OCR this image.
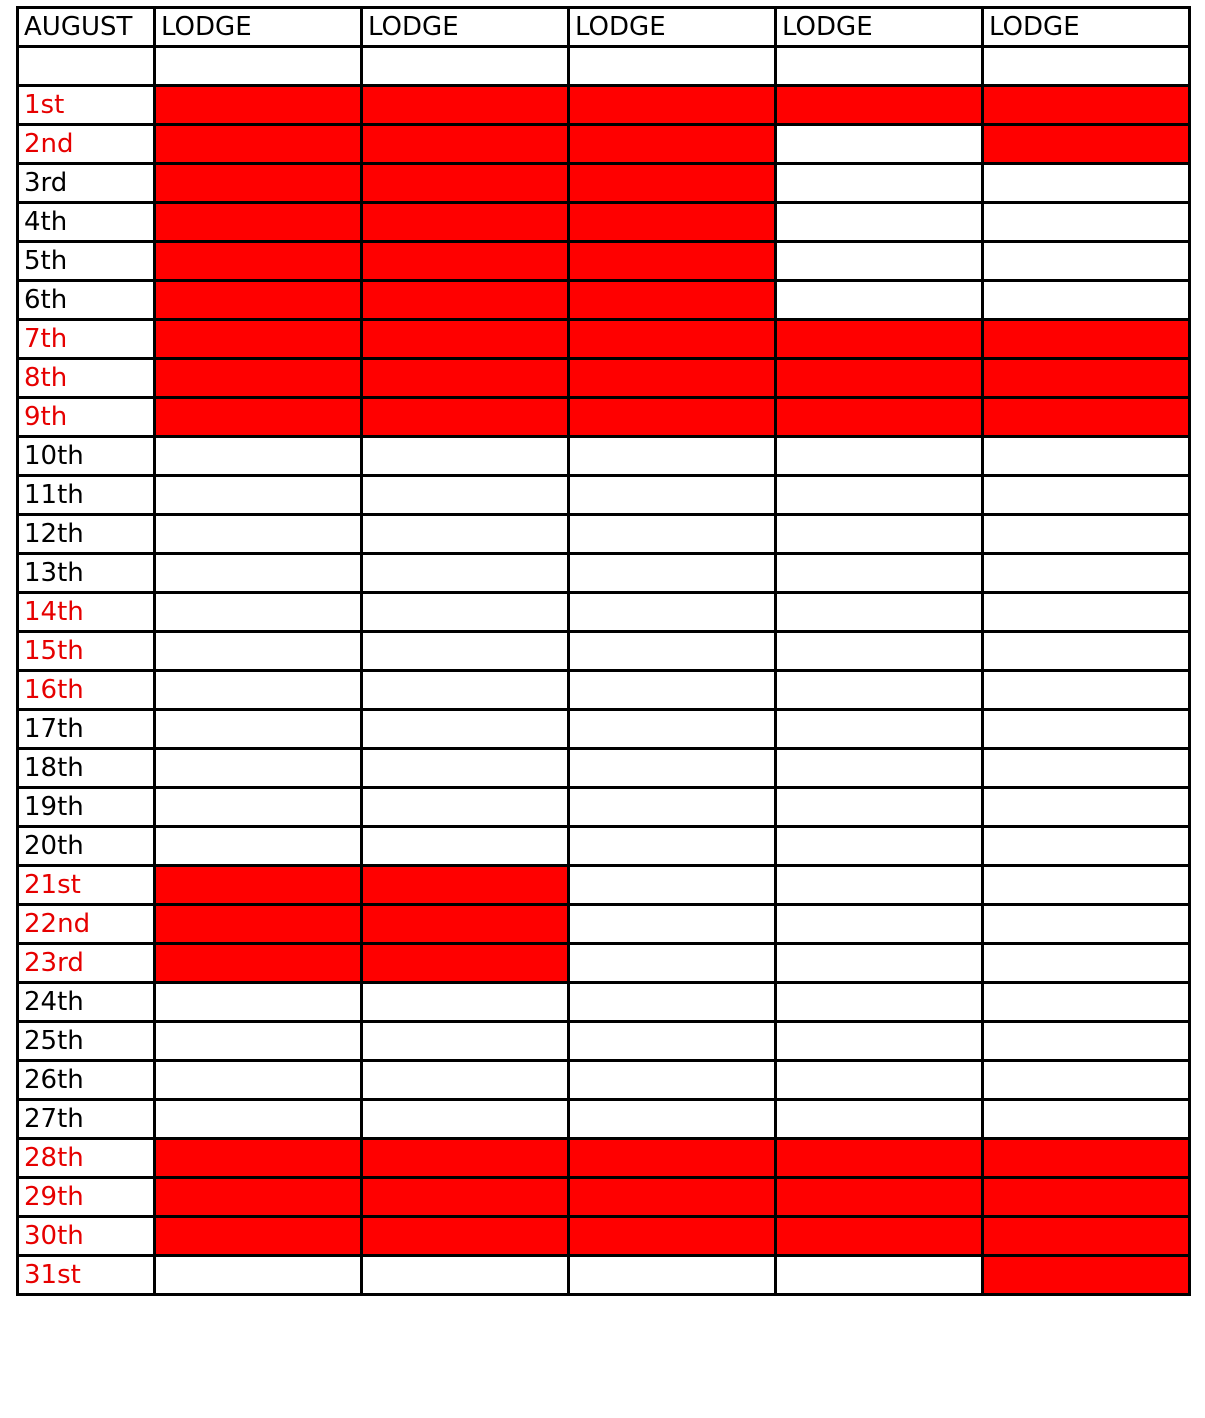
AUGUST	LODGE	LODGE	LODGE	LODGE	LODGE

1st					
2nd					
3rd					
4th					
5th					
6th					
7th					
8th					
9th					
10th					
11th					
12th					
13th					
14th					
15th					
16th					
17th					
18th					
19th					
20th					
21st					
22nd					
23rd					
24th					
25th					
26th					
27th					
28th					
29th					
30th					
31st					
